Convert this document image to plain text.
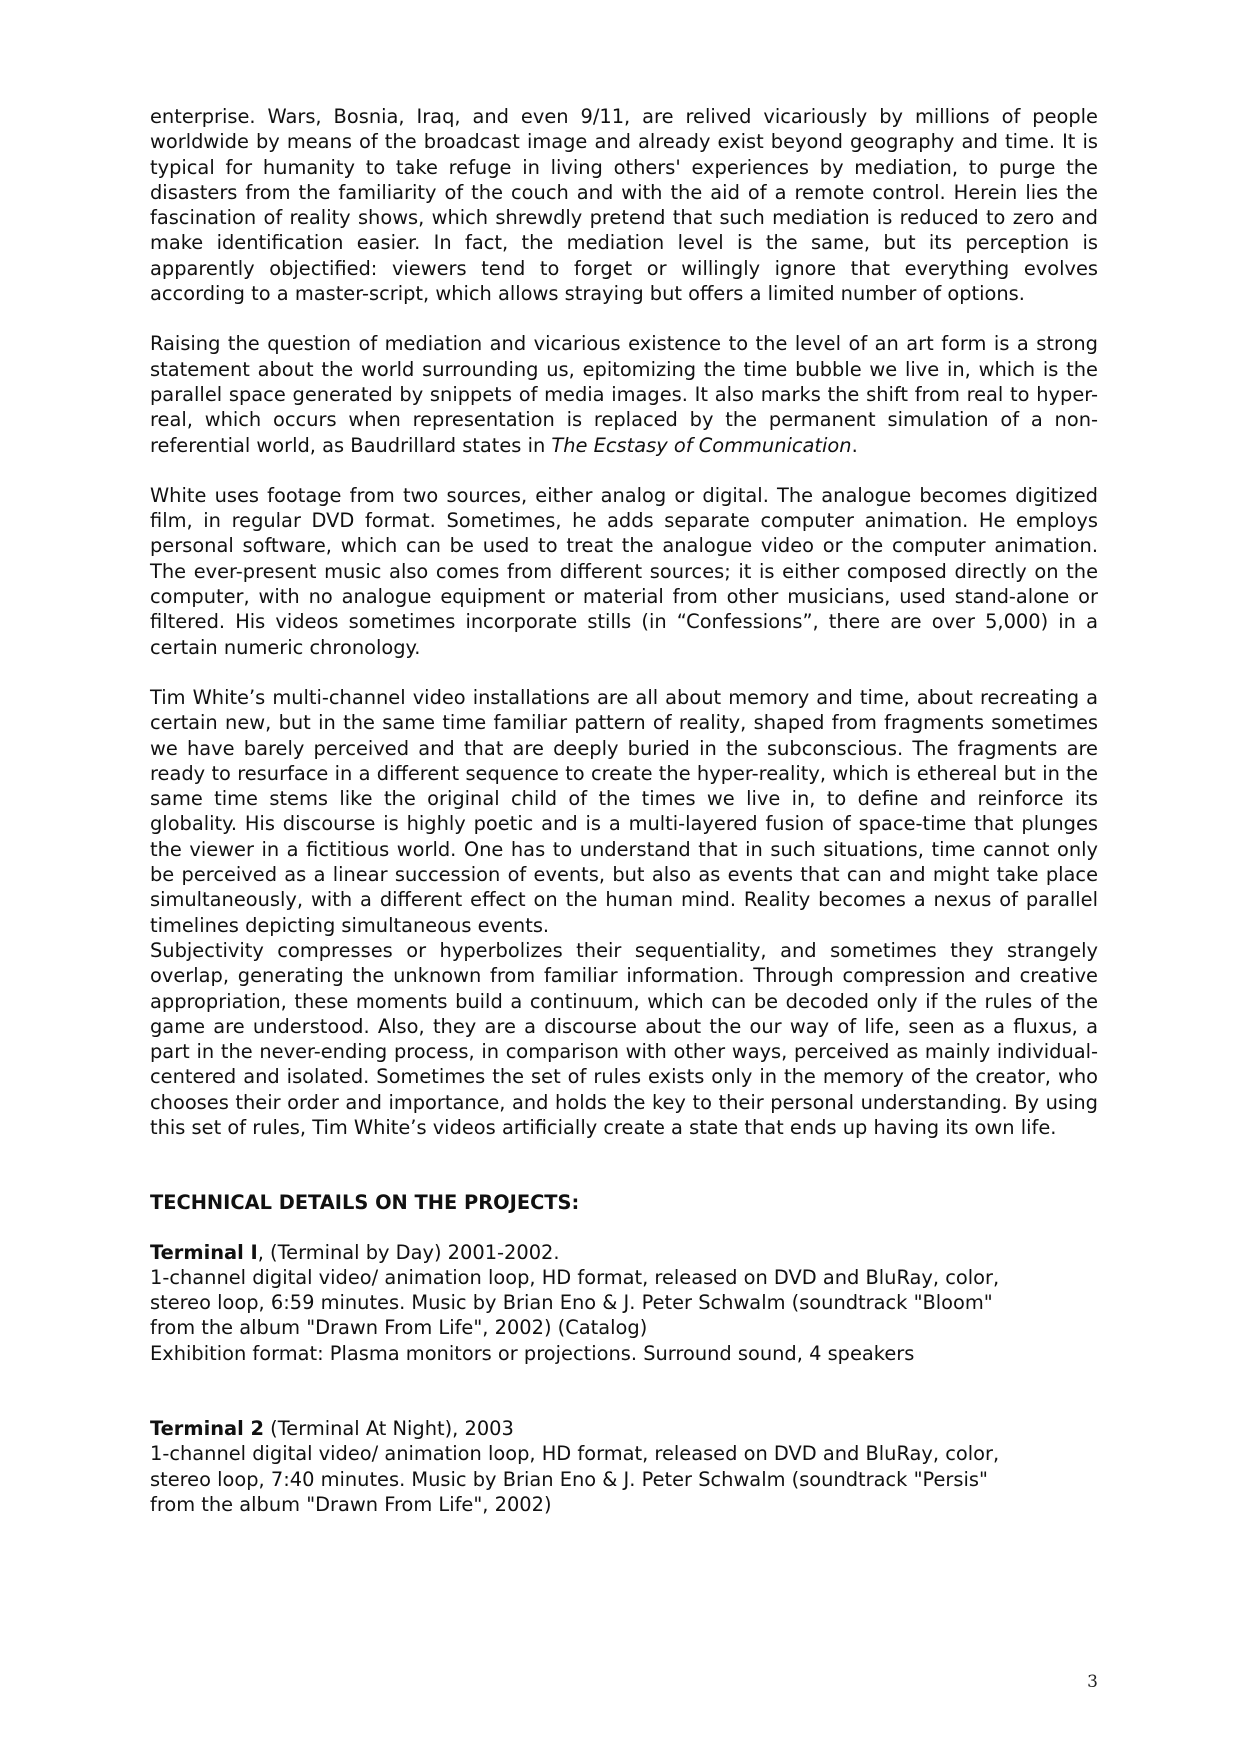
enterprise. Wars, Bosnia, Iraq, and even 9/11, are relived vicariously by millions of people worldwide by means of the broadcast image and already exist beyond geography and time. It is typical for humanity to take refuge in living others' experiences by mediation, to purge the disasters from the familiarity of the couch and with the aid of a remote control. Herein lies the fascination of reality shows, which shrewdly pretend that such mediation is reduced to zero and make identification easier. In fact, the mediation level is the same, but its perception is apparently objectified: viewers tend to forget or willingly ignore that everything evolves according to a master-script, which allows straying but offers a limited number of options.

Raising the question of mediation and vicarious existence to the level of an art form is a strong statement about the world surrounding us, epitomizing the time bubble we live in, which is the parallel space generated by snippets of media images. It also marks the shift from real to hyper-real, which occurs when representation is replaced by the permanent simulation of a non-referential world, as Baudrillard states in The Ecstasy of Communication.

White uses footage from two sources, either analog or digital. The analogue becomes digitized film, in regular DVD format. Sometimes, he adds separate computer animation. He employs personal software, which can be used to treat the analogue video or the computer animation. The ever-present music also comes from different sources; it is either composed directly on the computer, with no analogue equipment or material from other musicians, used stand-alone or filtered. His videos sometimes incorporate stills (in “Confessions”, there are over 5,000) in a certain numeric chronology.

Tim White’s multi-channel video installations are all about memory and time, about recreating a certain new, but in the same time familiar pattern of reality, shaped from fragments sometimes we have barely perceived and that are deeply buried in the subconscious. The fragments are ready to resurface in a different sequence to create the hyper-reality, which is ethereal but in the same time stems like the original child of the times we live in, to define and reinforce its globality. His discourse is highly poetic and is a multi-layered fusion of space-time that plunges the viewer in a fictitious world. One has to understand that in such situations, time cannot only be perceived as a linear succession of events, but also as events that can and might take place simultaneously, with a different effect on the human mind. Reality becomes a nexus of parallel timelines depicting simultaneous events.

Subjectivity compresses or hyperbolizes their sequentiality, and sometimes they strangely overlap, generating the unknown from familiar information. Through compression and creative appropriation, these moments build a continuum, which can be decoded only if the rules of the game are understood. Also, they are a discourse about the our way of life, seen as a fluxus, a part in the never-ending process, in comparison with other ways, perceived as mainly individual-centered and isolated. Sometimes the set of rules exists only in the memory of the creator, who chooses their order and importance, and holds the key to their personal understanding. By using this set of rules, Tim White’s videos artificially create a state that ends up having its own life.

TECHNICAL DETAILS ON THE PROJECTS:
Terminal I, (Terminal by Day) 2001-2002.
1-channel digital video/ animation loop, HD format, released on DVD and BluRay, color,
stereo loop, 6:59 minutes. Music by Brian Eno & J. Peter Schwalm (soundtrack "Bloom"
from the album "Drawn From Life", 2002) (Catalog)
Exhibition format: Plasma monitors or projections. Surround sound, 4 speakers
Terminal 2 (Terminal At Night), 2003
1-channel digital video/ animation loop, HD format, released on DVD and BluRay, color,
stereo loop, 7:40 minutes. Music by Brian Eno & J. Peter Schwalm (soundtrack "Persis"
from the album "Drawn From Life", 2002)
3
